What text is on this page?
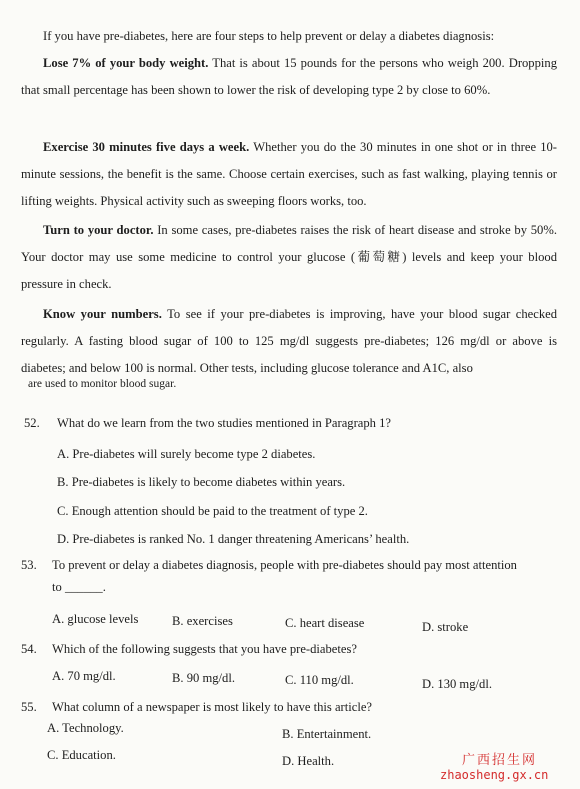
If you have pre-diabetes, here are four steps to help prevent or delay a diabetes diagnosis:
Lose 7% of your body weight. That is about 15 pounds for the persons who weigh 200. Dropping that small percentage has been shown to lower the risk of developing type 2 by close to 60%.
Exercise 30 minutes five days a week. Whether you do the 30 minutes in one shot or in three 10-minute sessions, the benefit is the same. Choose certain exercises, such as fast walking, playing tennis or lifting weights. Physical activity such as sweeping floors works, too.
Turn to your doctor. In some cases, pre-diabetes raises the risk of heart disease and stroke by 50%. Your doctor may use some medicine to control your glucose (葡萄糖) levels and keep your blood pressure in check.
Know your numbers. To see if your pre-diabetes is improving, have your blood sugar checked regularly. A fasting blood sugar of 100 to 125 mg/dl suggests pre-diabetes; 126 mg/dl or above is diabetes; and below 100 is normal. Other tests, including glucose tolerance and A1C, also
are used to monitor blood sugar.
52. What do we learn from the two studies mentioned in Paragraph 1?
A. Pre-diabetes will surely become type 2 diabetes.
B. Pre-diabetes is likely to become diabetes within years.
C. Enough attention should be paid to the treatment of type 2.
D. Pre-diabetes is ranked No. 1 danger threatening Americans’ health.
53. To prevent or delay a diabetes diagnosis, people with pre-diabetes should pay most attention
to ______.
A. glucose levels	B. exercises	C. heart disease	D. stroke
54. Which of the following suggests that you have pre-diabetes?
A. 70 mg/dl.	B. 90 mg/dl.	C. 110 mg/dl.	D. 130 mg/dl.
55. What column of a newspaper is most likely to have this article?
A. Technology.	B. Entertainment.
C. Education.	D. Health.	广西招生网
zhaosheng.gx.cn
